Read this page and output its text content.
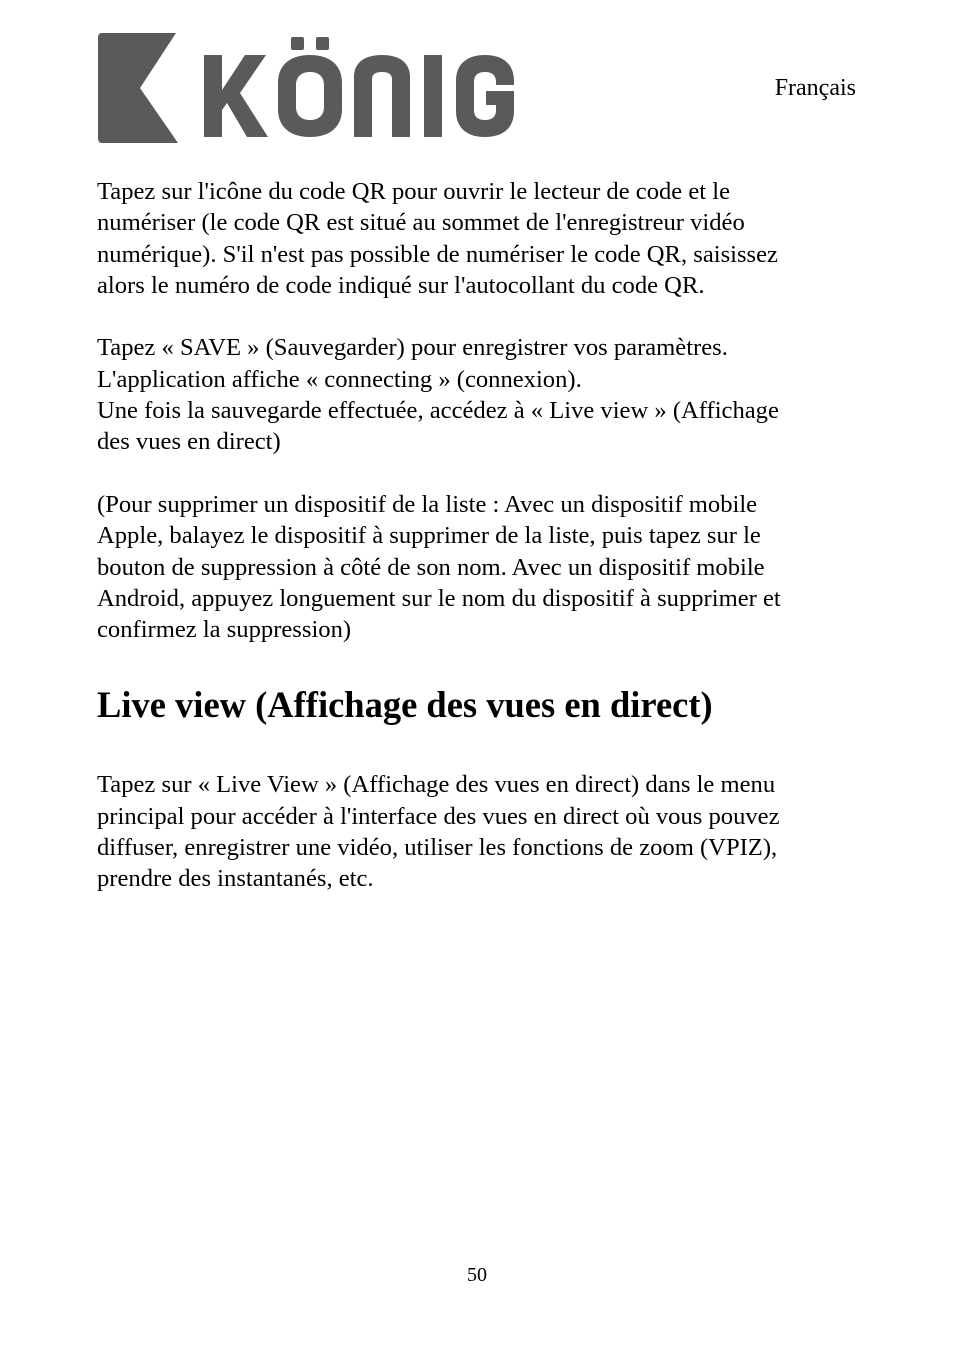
Français

Tapez sur l'icône du code QR pour ouvrir le lecteur de code et le
numériser (le code QR est situé au sommet de l'enregistreur vidéo
numérique). S'il n'est pas possible de numériser le code QR, saisissez
alors le numéro de code indiqué sur l'autocollant du code QR.

Tapez « SAVE » (Sauvegarder) pour enregistrer vos paramètres.
L'application affiche « connecting » (connexion).
Une fois la sauvegarde effectuée, accédez à « Live view » (Affichage
des vues en direct)

(Pour supprimer un dispositif de la liste : Avec un dispositif mobile
Apple, balayez le dispositif à supprimer de la liste, puis tapez sur le
bouton de suppression à côté de son nom. Avec un dispositif mobile
Android, appuyez longuement sur le nom du dispositif à supprimer et
confirmez la suppression)

Live view (Affichage des vues en direct)

Tapez sur « Live View » (Affichage des vues en direct) dans le menu
principal pour accéder à l'interface des vues en direct où vous pouvez
diffuser, enregistrer une vidéo, utiliser les fonctions de zoom (VPIZ),
prendre des instantanés, etc.

50
